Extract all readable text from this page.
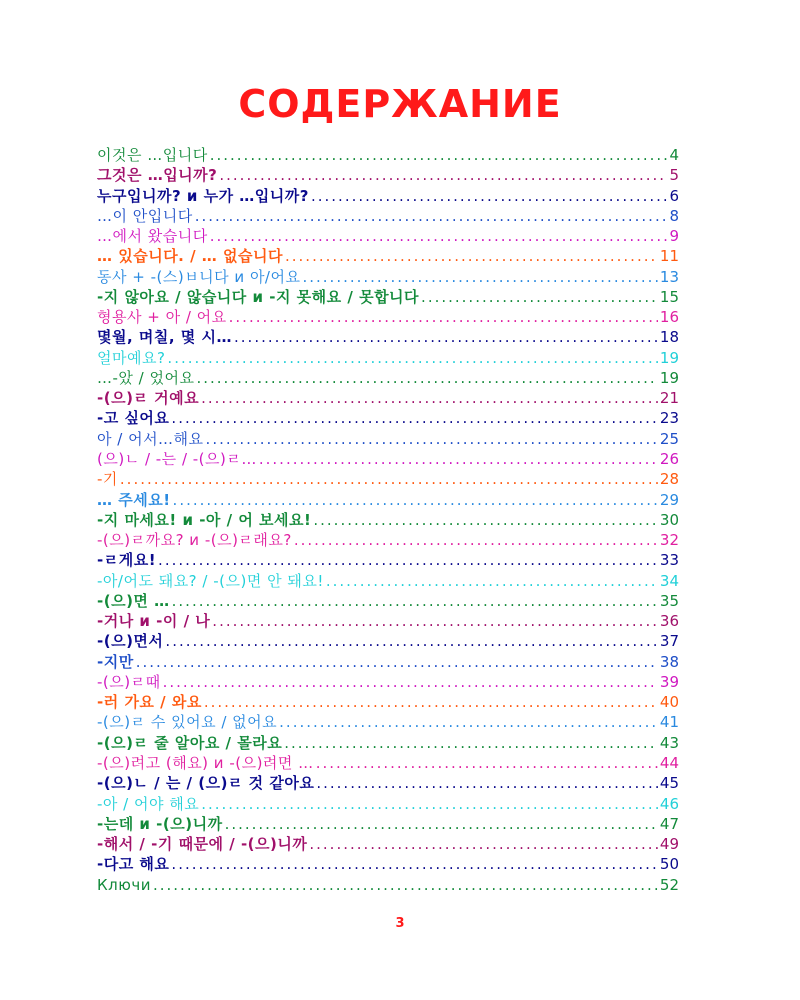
СОДЕРЖАНИЕ
이것은 …입니다 .....	4
그것은 …입니까? .....	5
누구입니까? и 누가 …입니까? .....	6
…이 안입니다 .....	8
…에서 왔습니다 .....	9
… 있습니다. / … 없습니다 .....	11
동사 + -(스)ㅂ니다 и 아/어요 .....	13
-지 않아요 / 않습니다 и -지 못해요 / 못합니다 .....	15
형용사 + 아 / 어요 .....	16
몇월, 며칠, 몇 시… .....	18
얼마예요? .....	19
…-았 / 었어요 .....	19
-(으)ㄹ 거예요 .....	21
-고 싶어요 .....	23
아 / 어서…해요 .....	25
(으)ㄴ / -는 / -(으)ㄹ… .....	26
-기 .....	28
… 주세요! .....	29
-지 마세요! и -아 / 어 보세요! .....	30
-(으)ㄹ까요? и -(으)ㄹ래요? .....	32
-ㄹ게요! .....	33
-아/어도 돼요? / -(으)면 안 돼요! .....	34
-(으)면 … .....	35
-거나 и -이 / 나 .....	36
-(으)면서 .....	37
-지만 .....	38
-(으)ㄹ때 .....	39
-러 가요 / 와요 .....	40
-(으)ㄹ 수 있어요 / 없어요 .....	41
-(으)ㄹ 줄 알아요 / 몰라요 .....	43
-(으)려고 (해요) и -(으)려면 … .....	44
-(으)ㄴ / 는 / (으)ㄹ 것 같아요 .....	45
-아 / 어야 해요 .....	46
-는데 и -(으)니까 .....	47
-해서 / -기 때문에 / -(으)니까 .....	49
-다고 해요 .....	50
Ключи .....	52
3
